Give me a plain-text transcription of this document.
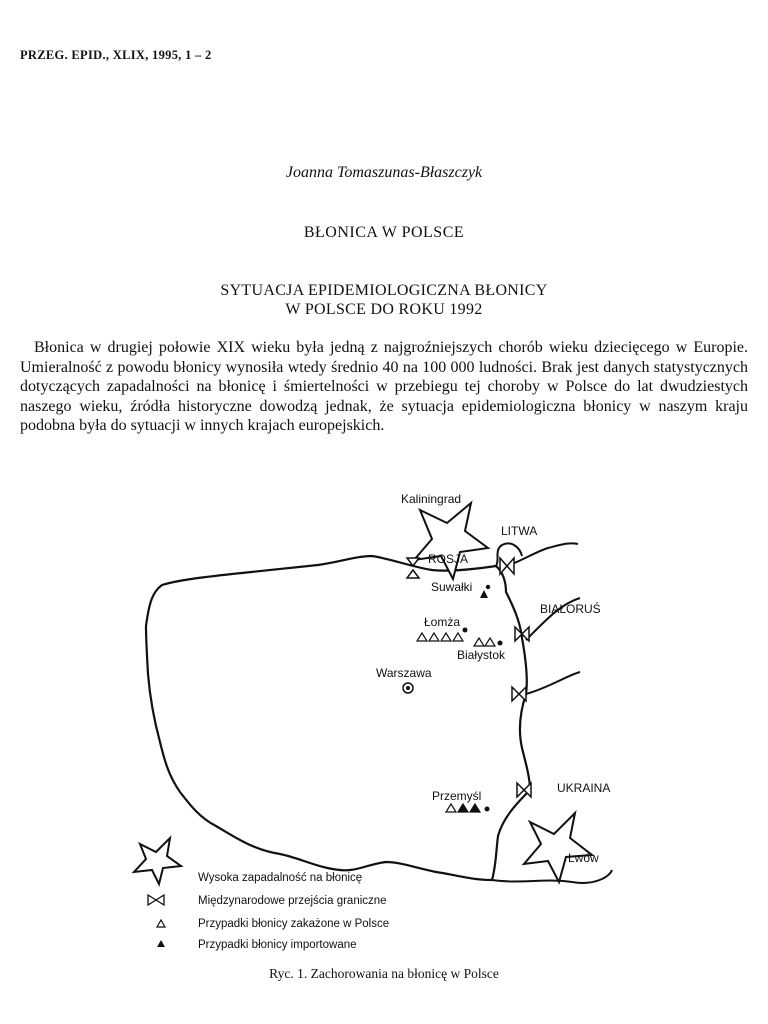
PRZEG. EPID., XLIX, 1995, 1 – 2
Joanna Tomaszunas-Błaszczyk
BŁONICA W POLSCE
SYTUACJA EPIDEMIOLOGICZNA BŁONICY
W POLSCE DO ROKU 1992
Błonica w drugiej połowie XIX wieku była jedną z najgroźniejszych chorób wieku dziecięcego w Europie. Umieralność z powodu błonicy wynosiła wtedy średnio 40 na 100 000 ludności. Brak jest danych statystycznych dotyczących zapadalności na błonicę i śmiertelności w przebiegu tej choroby w Polsce do lat dwudziestych naszego wieku, źródła historyczne dowodzą jednak, że sytuacja epidemiologiczna błonicy w naszym kraju podobna była do sytuacji w innych krajach europejskich.
Kaliningrad
LITWA
ROSJA
Suwałki
BIAŁORUŚ
Łomża
Białystok
Warszawa
UKRAINA
Przemyśl
Lwów
Wysoka zapadalność na błonicę
Międzynarodowe przejścia graniczne
Przypadki błonicy zakażone w Polsce
Przypadki błonicy importowane
Ryc. 1. Zachorowania na błonicę w Polsce
